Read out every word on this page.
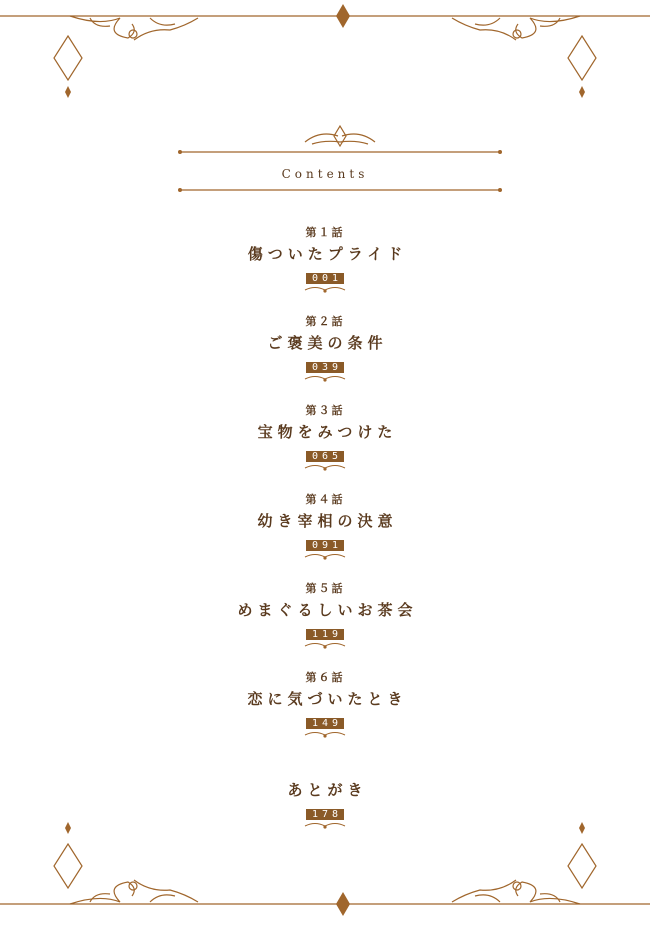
Contents
第１話
傷ついたプライド
001
第２話
ご褒美の条件
039
第３話
宝物をみつけた
065
第４話
幼き宰相の決意
091
第５話
めまぐるしいお茶会
119
第６話
恋に気づいたとき
149
あとがき
178
